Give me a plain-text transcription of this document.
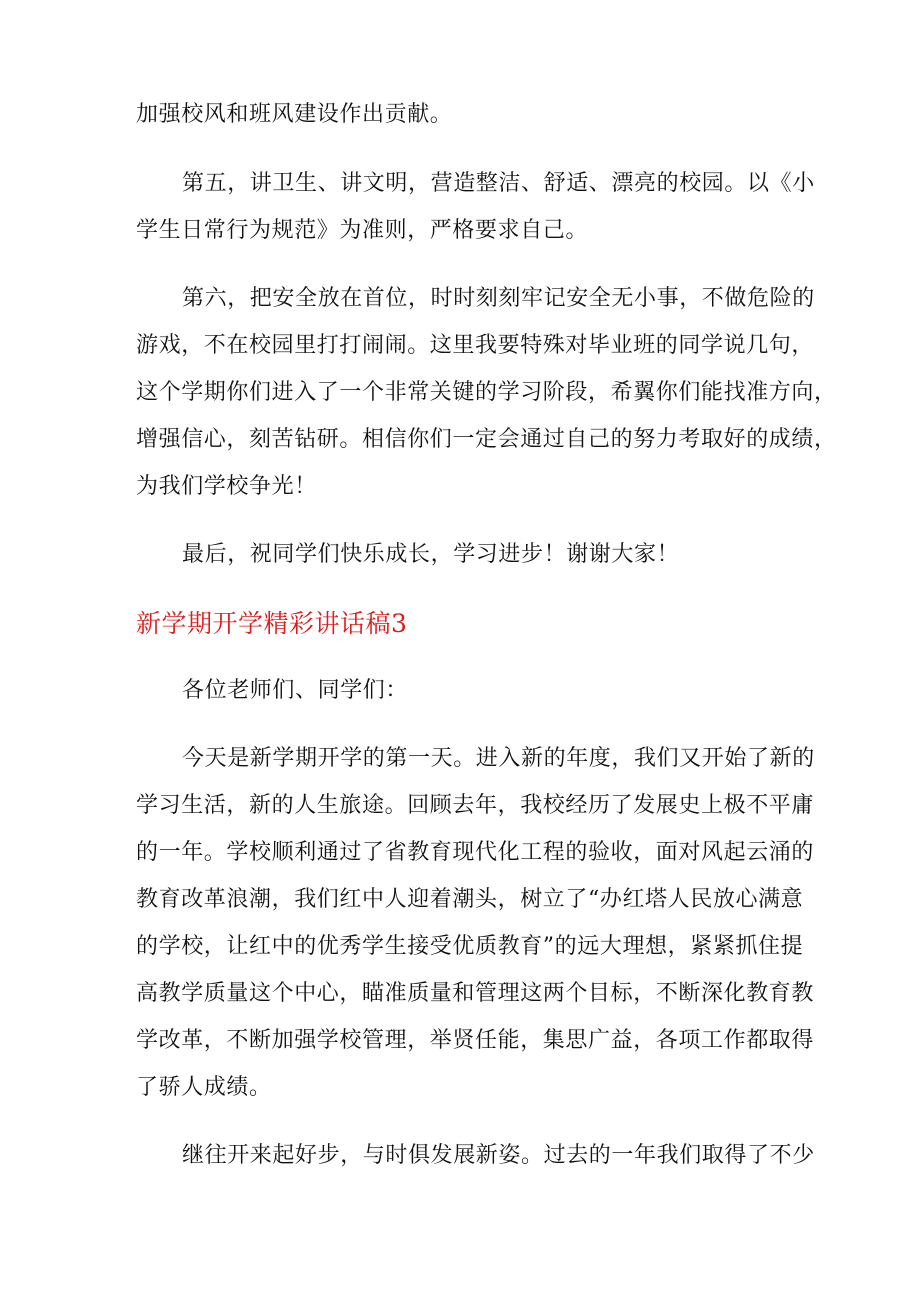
加强校风和班风建设作出贡献。
第五，讲卫生、讲文明，营造整洁、舒适、漂亮的校园。以《小
学生日常行为规范》为准则，严格要求自己。
第六，把安全放在首位，时时刻刻牢记安全无小事，不做危险的
游戏，不在校园里打打闹闹。这里我要特殊对毕业班的同学说几句，
这个学期你们进入了一个非常关键的学习阶段，希翼你们能找准方向，
增强信心，刻苦钻研。相信你们一定会通过自己的努力考取好的成绩，
为我们学校争光！
最后，祝同学们快乐成长，学习进步！谢谢大家！
新学期开学精彩讲话稿3
各位老师们、同学们：
今天是新学期开学的第一天。进入新的年度，我们又开始了新的
学习生活，新的人生旅途。回顾去年，我校经历了发展史上极不平庸
的一年。学校顺利通过了省教育现代化工程的验收，面对风起云涌的
教育改革浪潮，我们红中人迎着潮头，树立了“办红塔人民放心满意
的学校，让红中的优秀学生接受优质教育”的远大理想，紧紧抓住提
高教学质量这个中心，瞄准质量和管理这两个目标，不断深化教育教
学改革，不断加强学校管理，举贤任能，集思广益，各项工作都取得
了骄人成绩。
继往开来起好步，与时俱发展新姿。过去的一年我们取得了不少
